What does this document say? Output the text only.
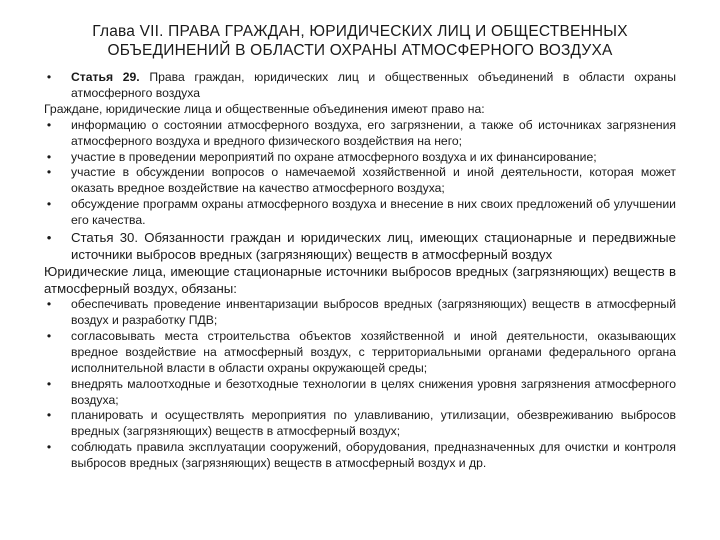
Глава VII. ПРАВА ГРАЖДАН, ЮРИДИЧЕСКИХ ЛИЦ И ОБЩЕСТВЕННЫХ
ОБЪЕДИНЕНИЙ В ОБЛАСТИ ОХРАНЫ АТМОСФЕРНОГО ВОЗДУХА
• Статья 29. Права граждан, юридических лиц и общественных объединений в области охраны атмосферного воздуха

Граждане, юридические лица и общественные объединения имеют право на:

• информацию о состоянии атмосферного воздуха, его загрязнении, а также об источниках загрязнения атмосферного воздуха и вредного физического воздействия на него;
• участие в проведении мероприятий по охране атмосферного воздуха и их финансирование;
• участие в обсуждении вопросов о намечаемой хозяйственной и иной деятельности, которая может оказать вредное воздействие на качество атмосферного воздуха;
• обсуждение программ охраны атмосферного воздуха и внесение в них своих предложений об улучшении его качества.
• Статья 30. Обязанности граждан и юридических лиц, имеющих стационарные и передвижные источники выбросов вредных (загрязняющих) веществ в атмосферный воздух

Юридические лица, имеющие стационарные источники выбросов вредных (загрязняющих) веществ в атмосферный воздух, обязаны:

• обеспечивать проведение инвентаризации выбросов вредных (загрязняющих) веществ в атмосферный воздух и разработку ПДВ;
• согласовывать места строительства объектов хозяйственной и иной деятельности, оказывающих вредное воздействие на атмосферный воздух, с территориальными органами федерального органа исполнительной власти в области охраны окружающей среды;
• внедрять малоотходные и безотходные технологии в целях снижения уровня загрязнения атмосферного воздуха;
• планировать и осуществлять мероприятия по улавливанию, утилизации, обезвреживанию выбросов вредных (загрязняющих) веществ в атмосферный воздух;
• соблюдать правила эксплуатации сооружений, оборудования, предназначенных для очистки и контроля выбросов вредных (загрязняющих) веществ в атмосферный воздух и др.
